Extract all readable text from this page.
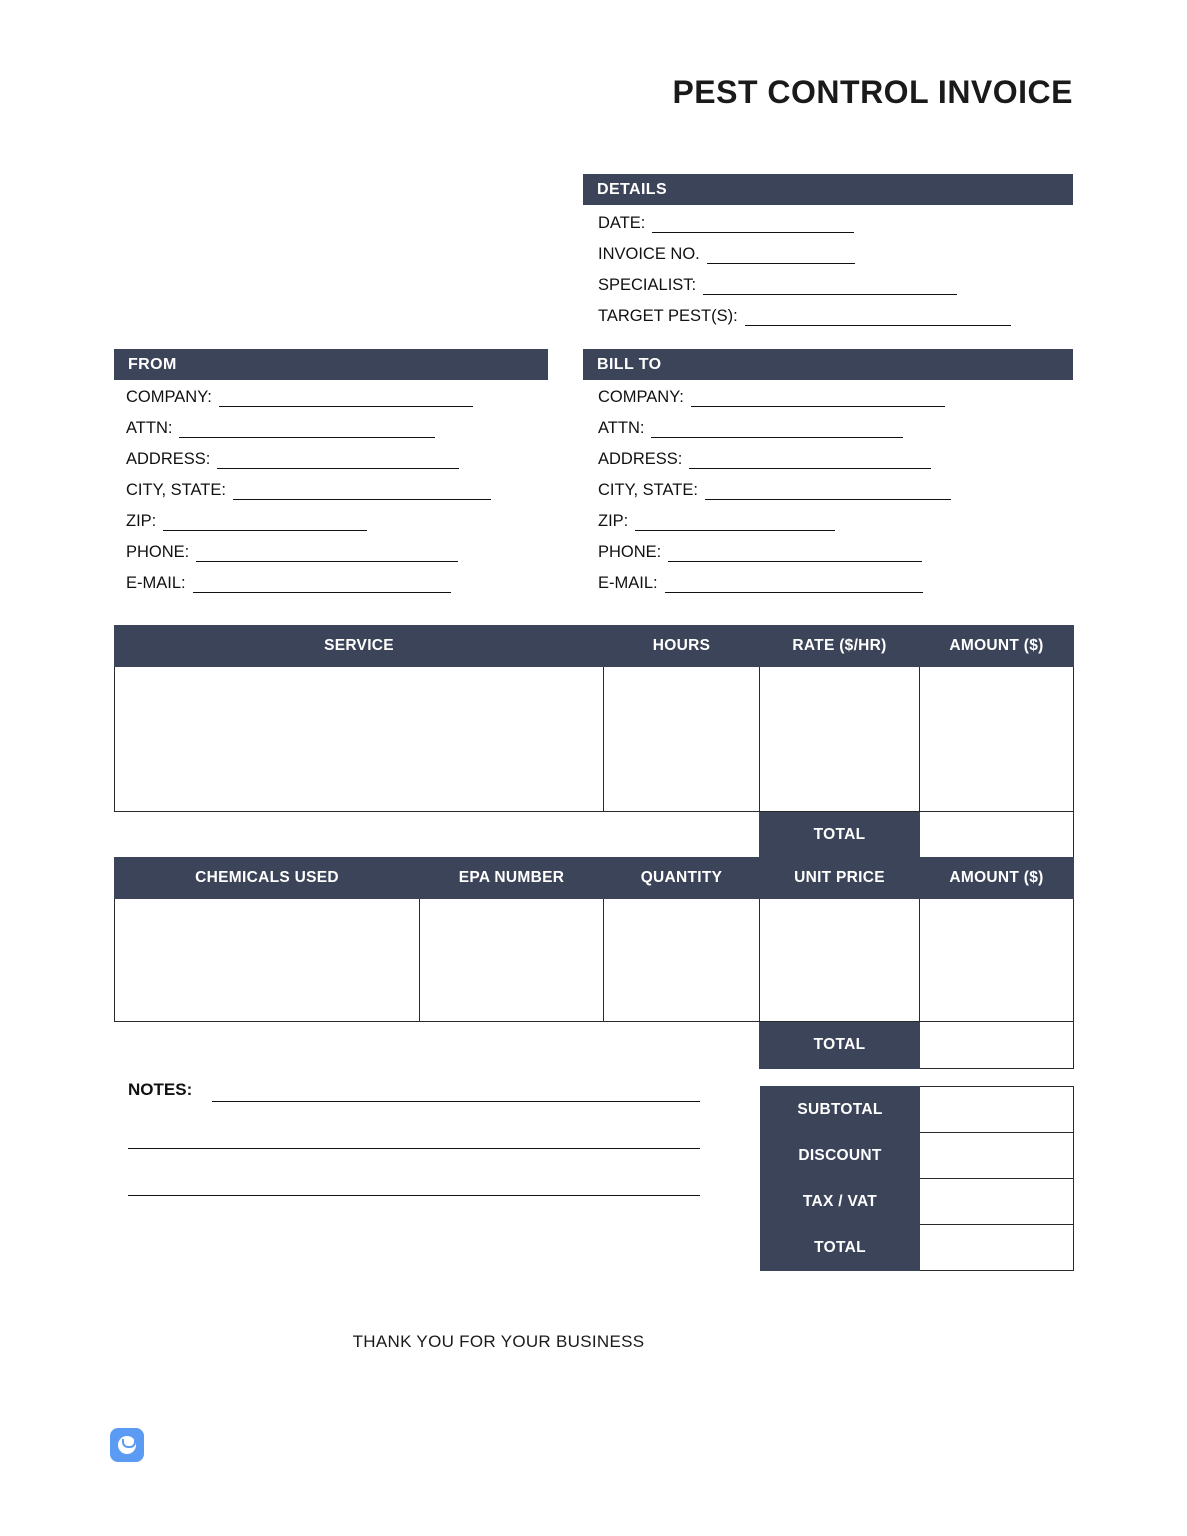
PEST CONTROL INVOICE
DETAILS
DATE:
INVOICE NO.
SPECIALIST:
TARGET PEST(S):
FROM
COMPANY:
ATTN:
ADDRESS:
CITY, STATE:
ZIP:
PHONE:
E-MAIL:
BILL TO
COMPANY:
ATTN:
ADDRESS:
CITY, STATE:
ZIP:
PHONE:
E-MAIL:
SERVICE	HOURS	RATE ($/HR)	AMOUNT ($)

		TOTAL	
CHEMICALS USED	EPA NUMBER	QUANTITY	UNIT PRICE	AMOUNT ($)

			TOTAL	
NOTES:
SUBTOTAL	
DISCOUNT	
TAX / VAT	
TOTAL	
THANK YOU FOR YOUR BUSINESS
